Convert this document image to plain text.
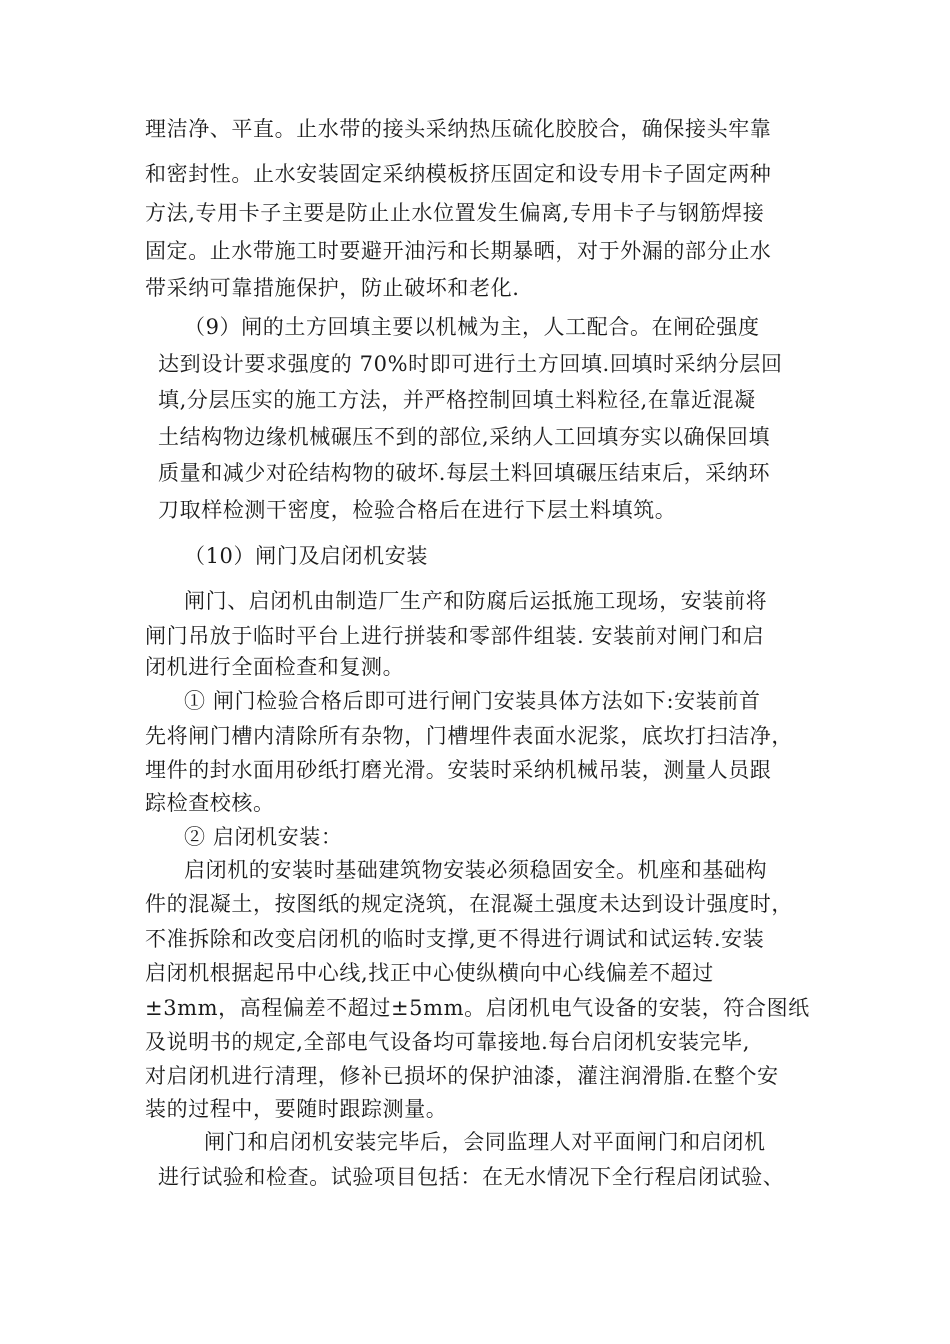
理洁净、平直。止水带的接头采纳热压硫化胶胶合，确保接头牢靠
和密封性。止水安装固定采纳模板挤压固定和设专用卡子固定两种
方法,专用卡子主要是防止止水位置发生偏离,专用卡子与钢筋焊接
固定。止水带施工时要避开油污和长期暴晒，对于外漏的部分止水
带采纳可靠措施保护，防止破坏和老化.
（9）闸的土方回填主要以机械为主，人工配合。在闸砼强度
达到设计要求强度的 70%时即可进行土方回填.回填时采纳分层回
填,分层压实的施工方法，并严格控制回填土料粒径,在靠近混凝
土结构物边缘机械碾压不到的部位,采纳人工回填夯实以确保回填
质量和减少对砼结构物的破坏.每层土料回填碾压结束后，采纳环
刀取样检测干密度，检验合格后在进行下层土料填筑。
（10）闸门及启闭机安装
闸门、启闭机由制造厂生产和防腐后运抵施工现场，安装前将
闸门吊放于临时平台上进行拼装和零部件组装. 安装前对闸门和启
闭机进行全面检查和复测。
① 闸门检验合格后即可进行闸门安装具体方法如下:安装前首
先将闸门槽内清除所有杂物，门槽埋件表面水泥浆，底坎打扫洁净，
埋件的封水面用砂纸打磨光滑。安装时采纳机械吊装，测量人员跟
踪检查校核。
② 启闭机安装：
启闭机的安装时基础建筑物安装必须稳固安全。机座和基础构
件的混凝土，按图纸的规定浇筑，在混凝土强度未达到设计强度时，
不准拆除和改变启闭机的临时支撑,更不得进行调试和试运转.安装
启闭机根据起吊中心线,找正中心使纵横向中心线偏差不超过
±3mm，高程偏差不超过±5mm。启闭机电气设备的安装，符合图纸
及说明书的规定,全部电气设备均可靠接地.每台启闭机安装完毕,
对启闭机进行清理，修补已损坏的保护油漆，灌注润滑脂.在整个安
装的过程中，要随时跟踪测量。
闸门和启闭机安装完毕后，会同监理人对平面闸门和启闭机
进行试验和检查。试验项目包括：在无水情况下全行程启闭试验、
